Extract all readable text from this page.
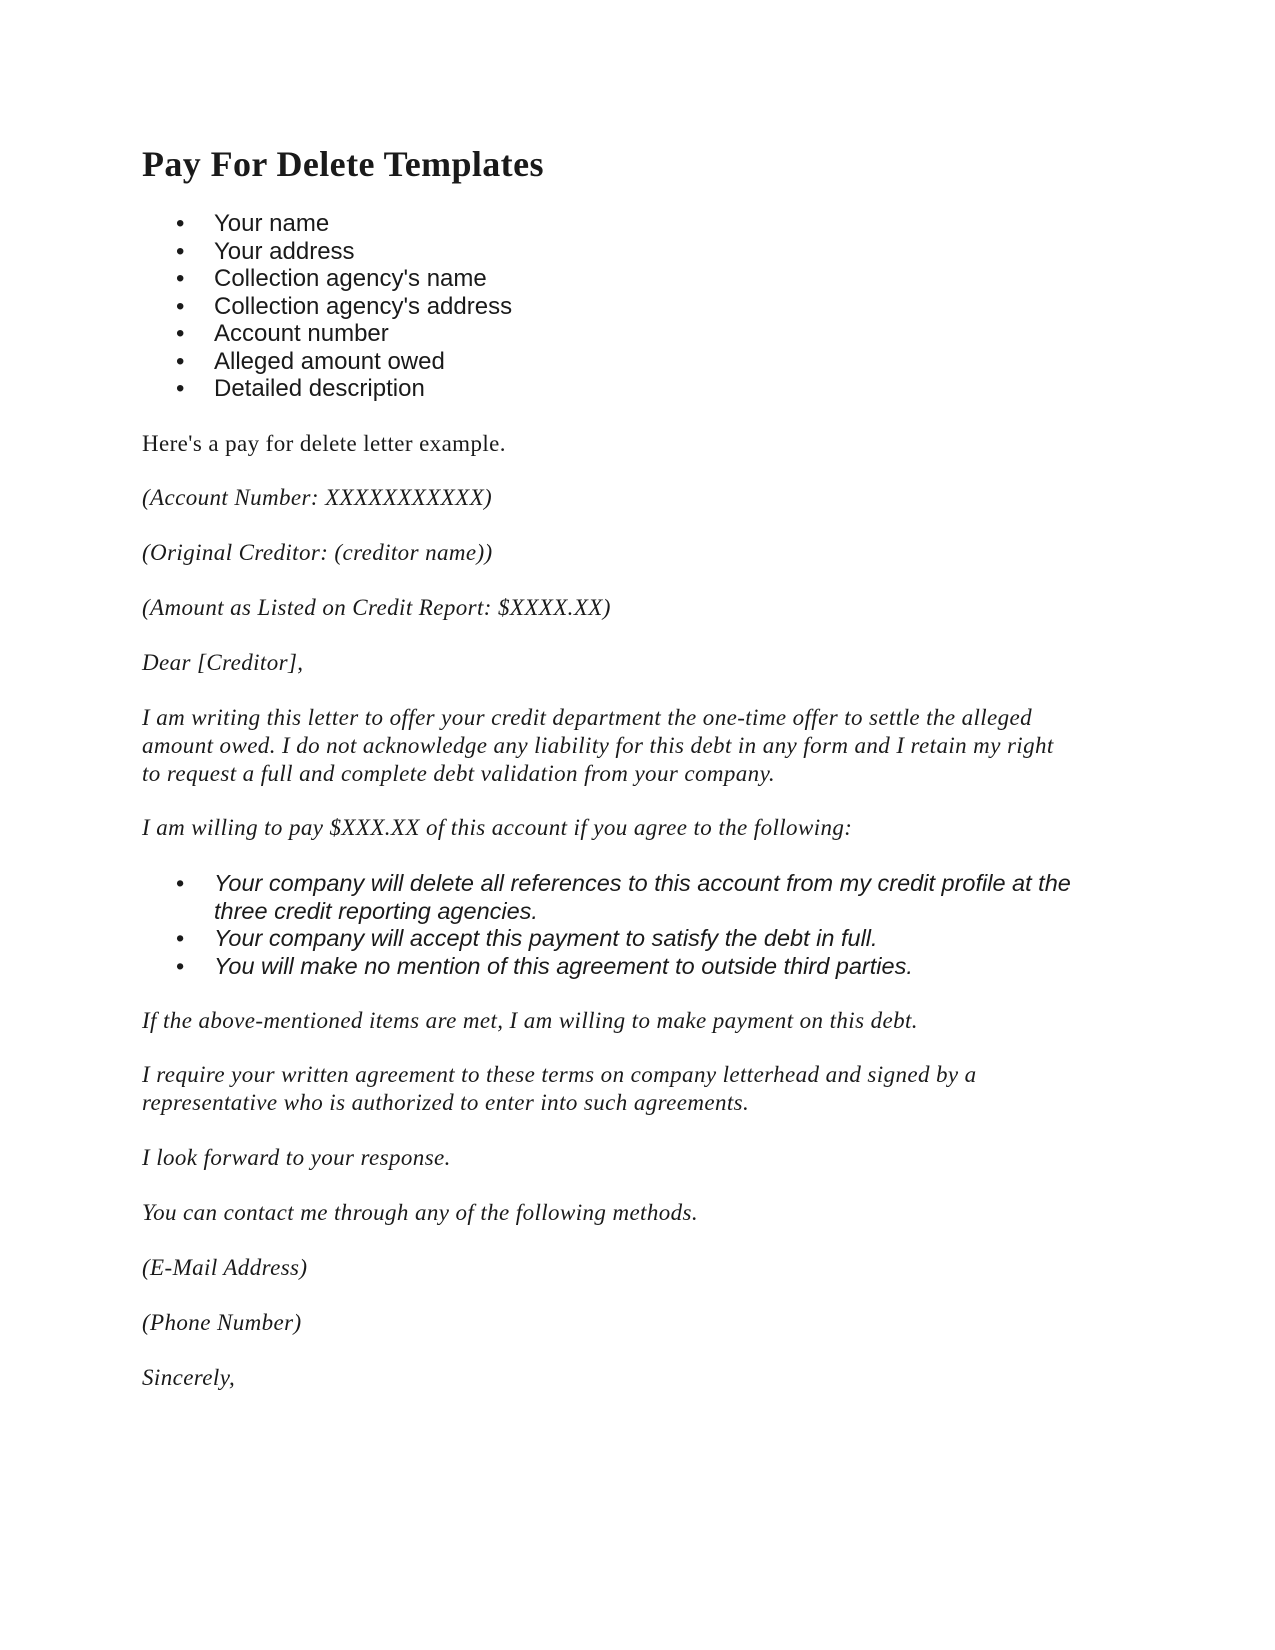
Pay For Delete Templates
• Your name
• Your address
• Collection agency's name
• Collection agency's address
• Account number
• Alleged amount owed
• Detailed description

Here's a pay for delete letter example.

(Account Number: XXXXXXXXXXX)

(Original Creditor: (creditor name))

(Amount as Listed on Credit Report: $XXXX.XX)

Dear [Creditor],

I am writing this letter to offer your credit department the one-time offer to settle the alleged amount owed. I do not acknowledge any liability for this debt in any form and I retain my right to request a full and complete debt validation from your company.

I am willing to pay $XXX.XX of this account if you agree to the following:

• Your company will delete all references to this account from my credit profile at the three credit reporting agencies.
• Your company will accept this payment to satisfy the debt in full.
• You will make no mention of this agreement to outside third parties.

If the above-mentioned items are met, I am willing to make payment on this debt.

I require your written agreement to these terms on company letterhead and signed by a representative who is authorized to enter into such agreements.

I look forward to your response.

You can contact me through any of the following methods.

(E-Mail Address)

(Phone Number)

Sincerely,
